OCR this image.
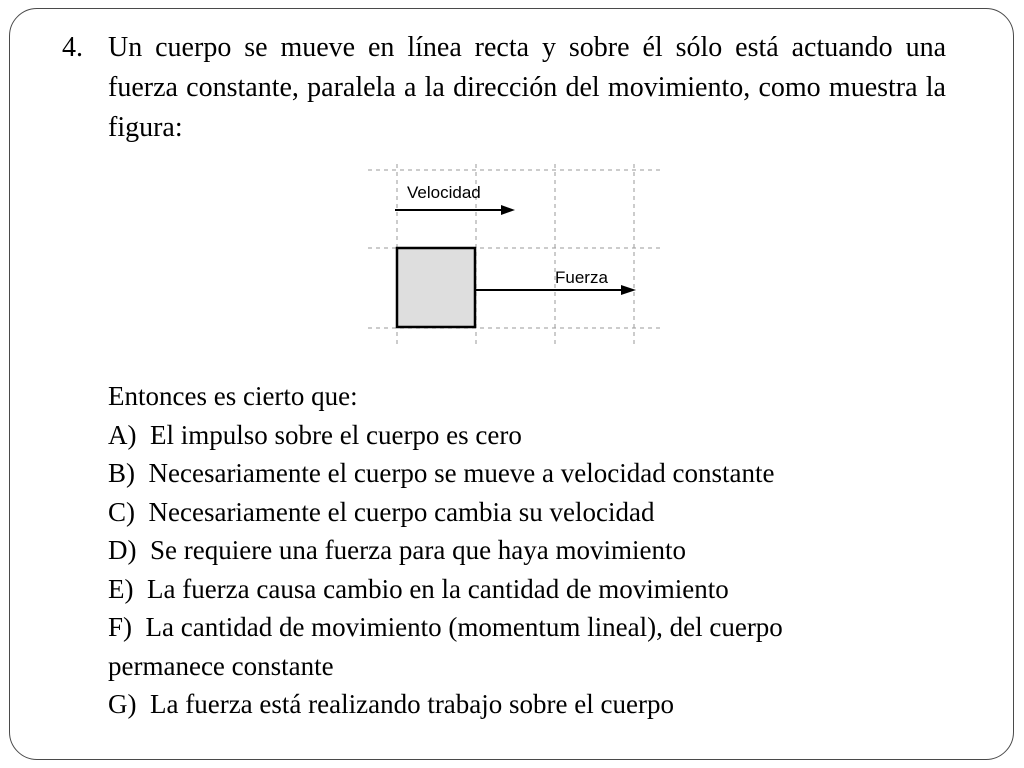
4. Un cuerpo se mueve en línea recta y sobre él sólo está actuando una fuerza constante, paralela a la dirección del movimiento, como muestra la figura:
Velocidad
Fuerza
Entonces es cierto que:
A) El impulso sobre el cuerpo es cero
B) Necesariamente el cuerpo se mueve a velocidad constante
C) Necesariamente el cuerpo cambia su velocidad
D) Se requiere una fuerza para que haya movimiento
E) La fuerza causa cambio en la cantidad de movimiento
F) La cantidad de movimiento (momentum lineal), del cuerpo
permanece constante
G) La fuerza está realizando trabajo sobre el cuerpo
